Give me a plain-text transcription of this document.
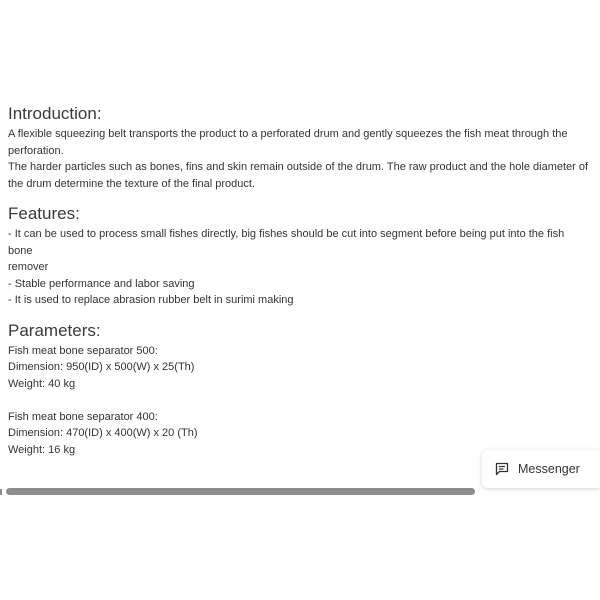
Introduction:
A flexible squeezing belt transports the product to a perforated drum and gently squeezes the fish meat through the
perforation.
The harder particles such as bones, fins and skin remain outside of the drum. The raw product and the hole diameter of
the drum determine the texture of the final product.
Features:
- It can be used to process small fishes directly, big fishes should be cut into segment before being put into the fish
bone
remover
- Stable performance and labor saving
- It is used to replace abrasion rubber belt in surimi making
Parameters:
Fish meat bone separator 500:
Dimension: 950(ID) x 500(W) x 25(Th)
Weight: 40 kg
Fish meat bone separator 400:
Dimension: 470(ID) x 400(W) x 20 (Th)
Weight: 16 kg
Messenger
